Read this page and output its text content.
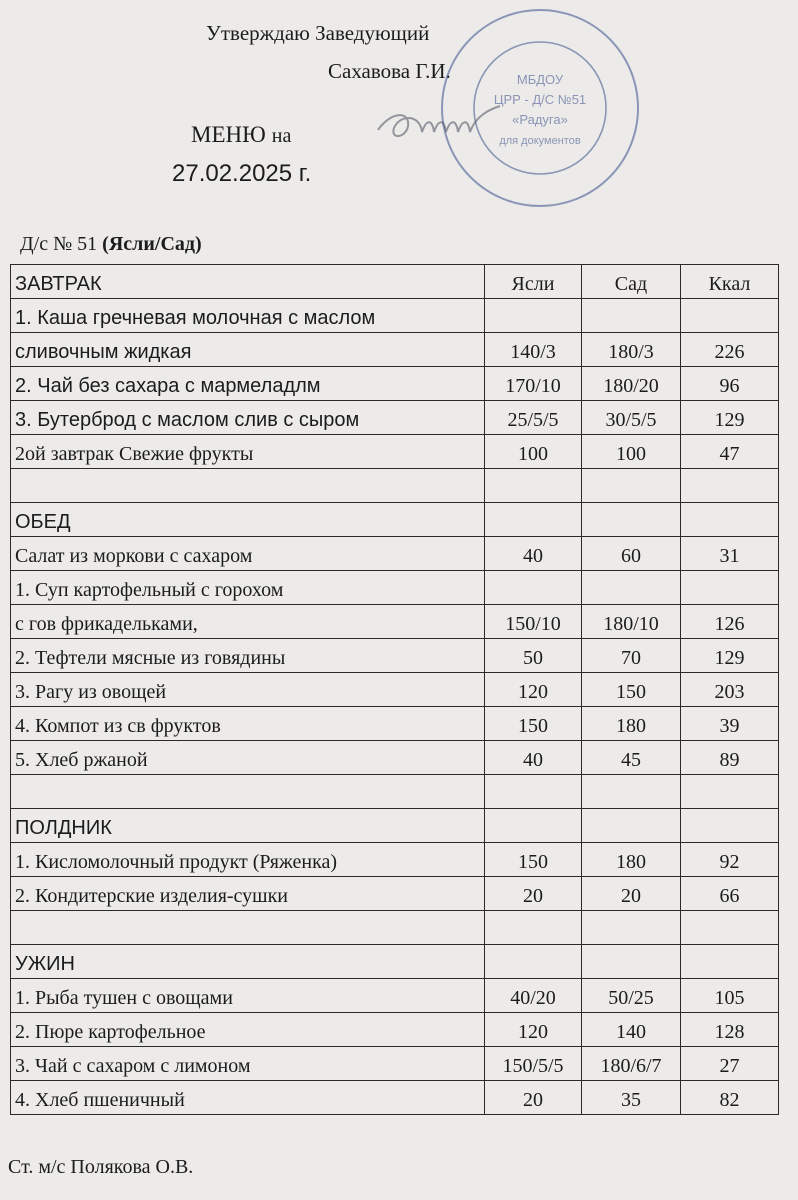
Утверждаю Заведующий
Сахавова Г.И.	МБДОУ
ЦРР - Д/С №51
«Радуга»
для документов
МЕНЮ на
27.02.2025 г.
Д/с № 51 (Ясли/Сад)
ЗАВТРАК	Ясли	Сад	Ккал
1. Каша гречневая молочная с маслом			
сливочным жидкая	140/3	180/3	226
2. Чай без сахара с мармеладлм	170/10	180/20	96
3. Бутерброд с маслом слив с сыром	25/5/5	30/5/5	129
2ой завтрак Свежие фрукты	100	100	47

ОБЕД			
Салат из моркови с сахаром	40	60	31
1. Суп картофельный с горохом			
с гов фрикадельками,	150/10	180/10	126
2. Тефтели мясные из говядины	50	70	129
3. Рагу из овощей	120	150	203
4. Компот из св фруктов	150	180	39
5. Хлеб ржаной	40	45	89

ПОЛДНИК			
1. Кисломолочный продукт (Ряженка)	150	180	92
2. Кондитерские изделия-сушки	20	20	66

УЖИН			
1. Рыба тушен с овощами	40/20	50/25	105
2. Пюре картофельное	120	140	128
3. Чай с сахаром с лимоном	150/5/5	180/6/7	27
4. Хлеб пшеничный	20	35	82
Ст. м/с Полякова О.В.
